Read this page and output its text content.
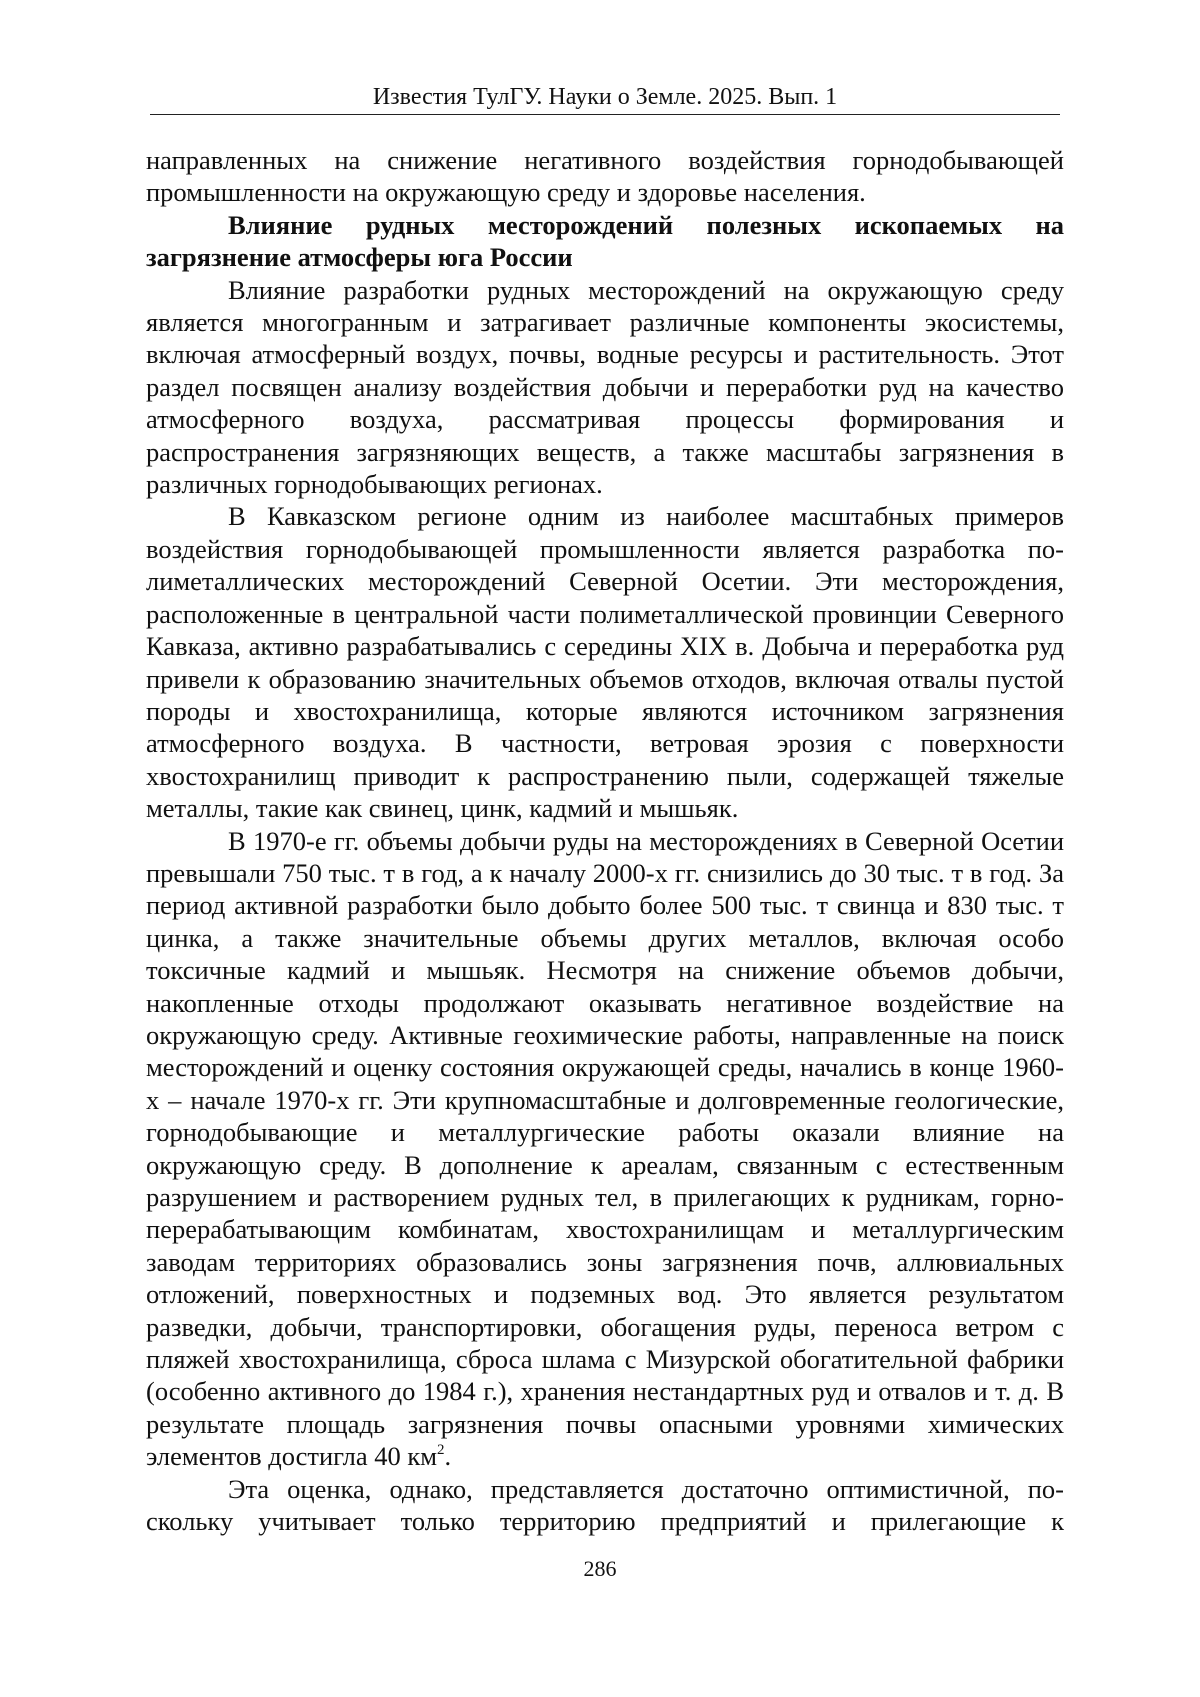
Известия ТулГУ. Науки о Земле. 2025. Вып. 1

направленных на снижение негативного воздействия горнодобывающей промышленности на окружающую среду и здоровье населения.

Влияние рудных месторождений полезных ископаемых на загрязнение атмосферы юга России

Влияние разработки рудных месторождений на окружающую среду является многогранным и затрагивает различные компоненты экосистемы, включая атмосферный воздух, почвы, водные ресурсы и растительность. Этот раздел посвящен анализу воздействия добычи и переработки руд на качество атмосферного воздуха, рассматривая процессы формирования и распространения загрязняющих веществ, а также масштабы загрязнения в различных горнодобывающих регионах.

В Кавказском регионе одним из наиболее масштабных примеров воздействия горнодобывающей промышленности является разработка полиметаллических месторождений Северной Осетии. Эти месторождения, расположенные в центральной части полиметаллической провинции Северного Кавказа, активно разрабатывались с середины XIX в. Добыча и переработка руд привели к образованию значительных объемов отходов, включая отвалы пустой породы и хвостохранилища, которые являются источником загрязнения атмосферного воздуха. В частности, ветровая эрозия с поверхности хвостохранилищ приводит к распространению пыли, содержащей тяжелые металлы, такие как свинец, цинк, кадмий и мышьяк.

В 1970-е гг. объемы добычи руды на месторождениях в Северной Осетии превышали 750 тыс. т в год, а к началу 2000-х гг. снизились до 30 тыс. т в год. За период активной разработки было добыто более 500 тыс. т свинца и 830 тыс. т цинка, а также значительные объемы других металлов, включая особо токсичные кадмий и мышьяк. Несмотря на снижение объемов добычи, накопленные отходы продолжают оказывать негативное воздействие на окружающую среду. Активные геохимические работы, направленные на поиск месторождений и оценку состояния окружающей среды, начались в конце 1960-х – начале 1970-х гг. Эти крупномасштабные и долговременные геологические, горнодобывающие и металлургические работы оказали влияние на окружающую среду. В дополнение к ареалам, связанным с естественным разрушением и растворением рудных тел, в прилегающих к рудникам, горно-перерабатывающим комбинатам, хвостохранилищам и металлургическим заводам территориях образовались зоны загрязнения почв, аллювиальных отложений, поверхностных и подземных вод. Это является результатом разведки, добычи, транспортировки, обогащения руды, переноса ветром с пляжей хвостохранилища, сброса шлама с Мизурской обогатительной фабрики (особенно активного до 1984 г.), хранения нестандартных руд и отвалов и т. д. В результате площадь загрязнения почвы опасными уровнями химических элементов достигла 40 $км^2$.

Эта оценка, однако, представляется достаточно оптимистичной, поскольку учитывает только территорию предприятий и прилегающие к

286
